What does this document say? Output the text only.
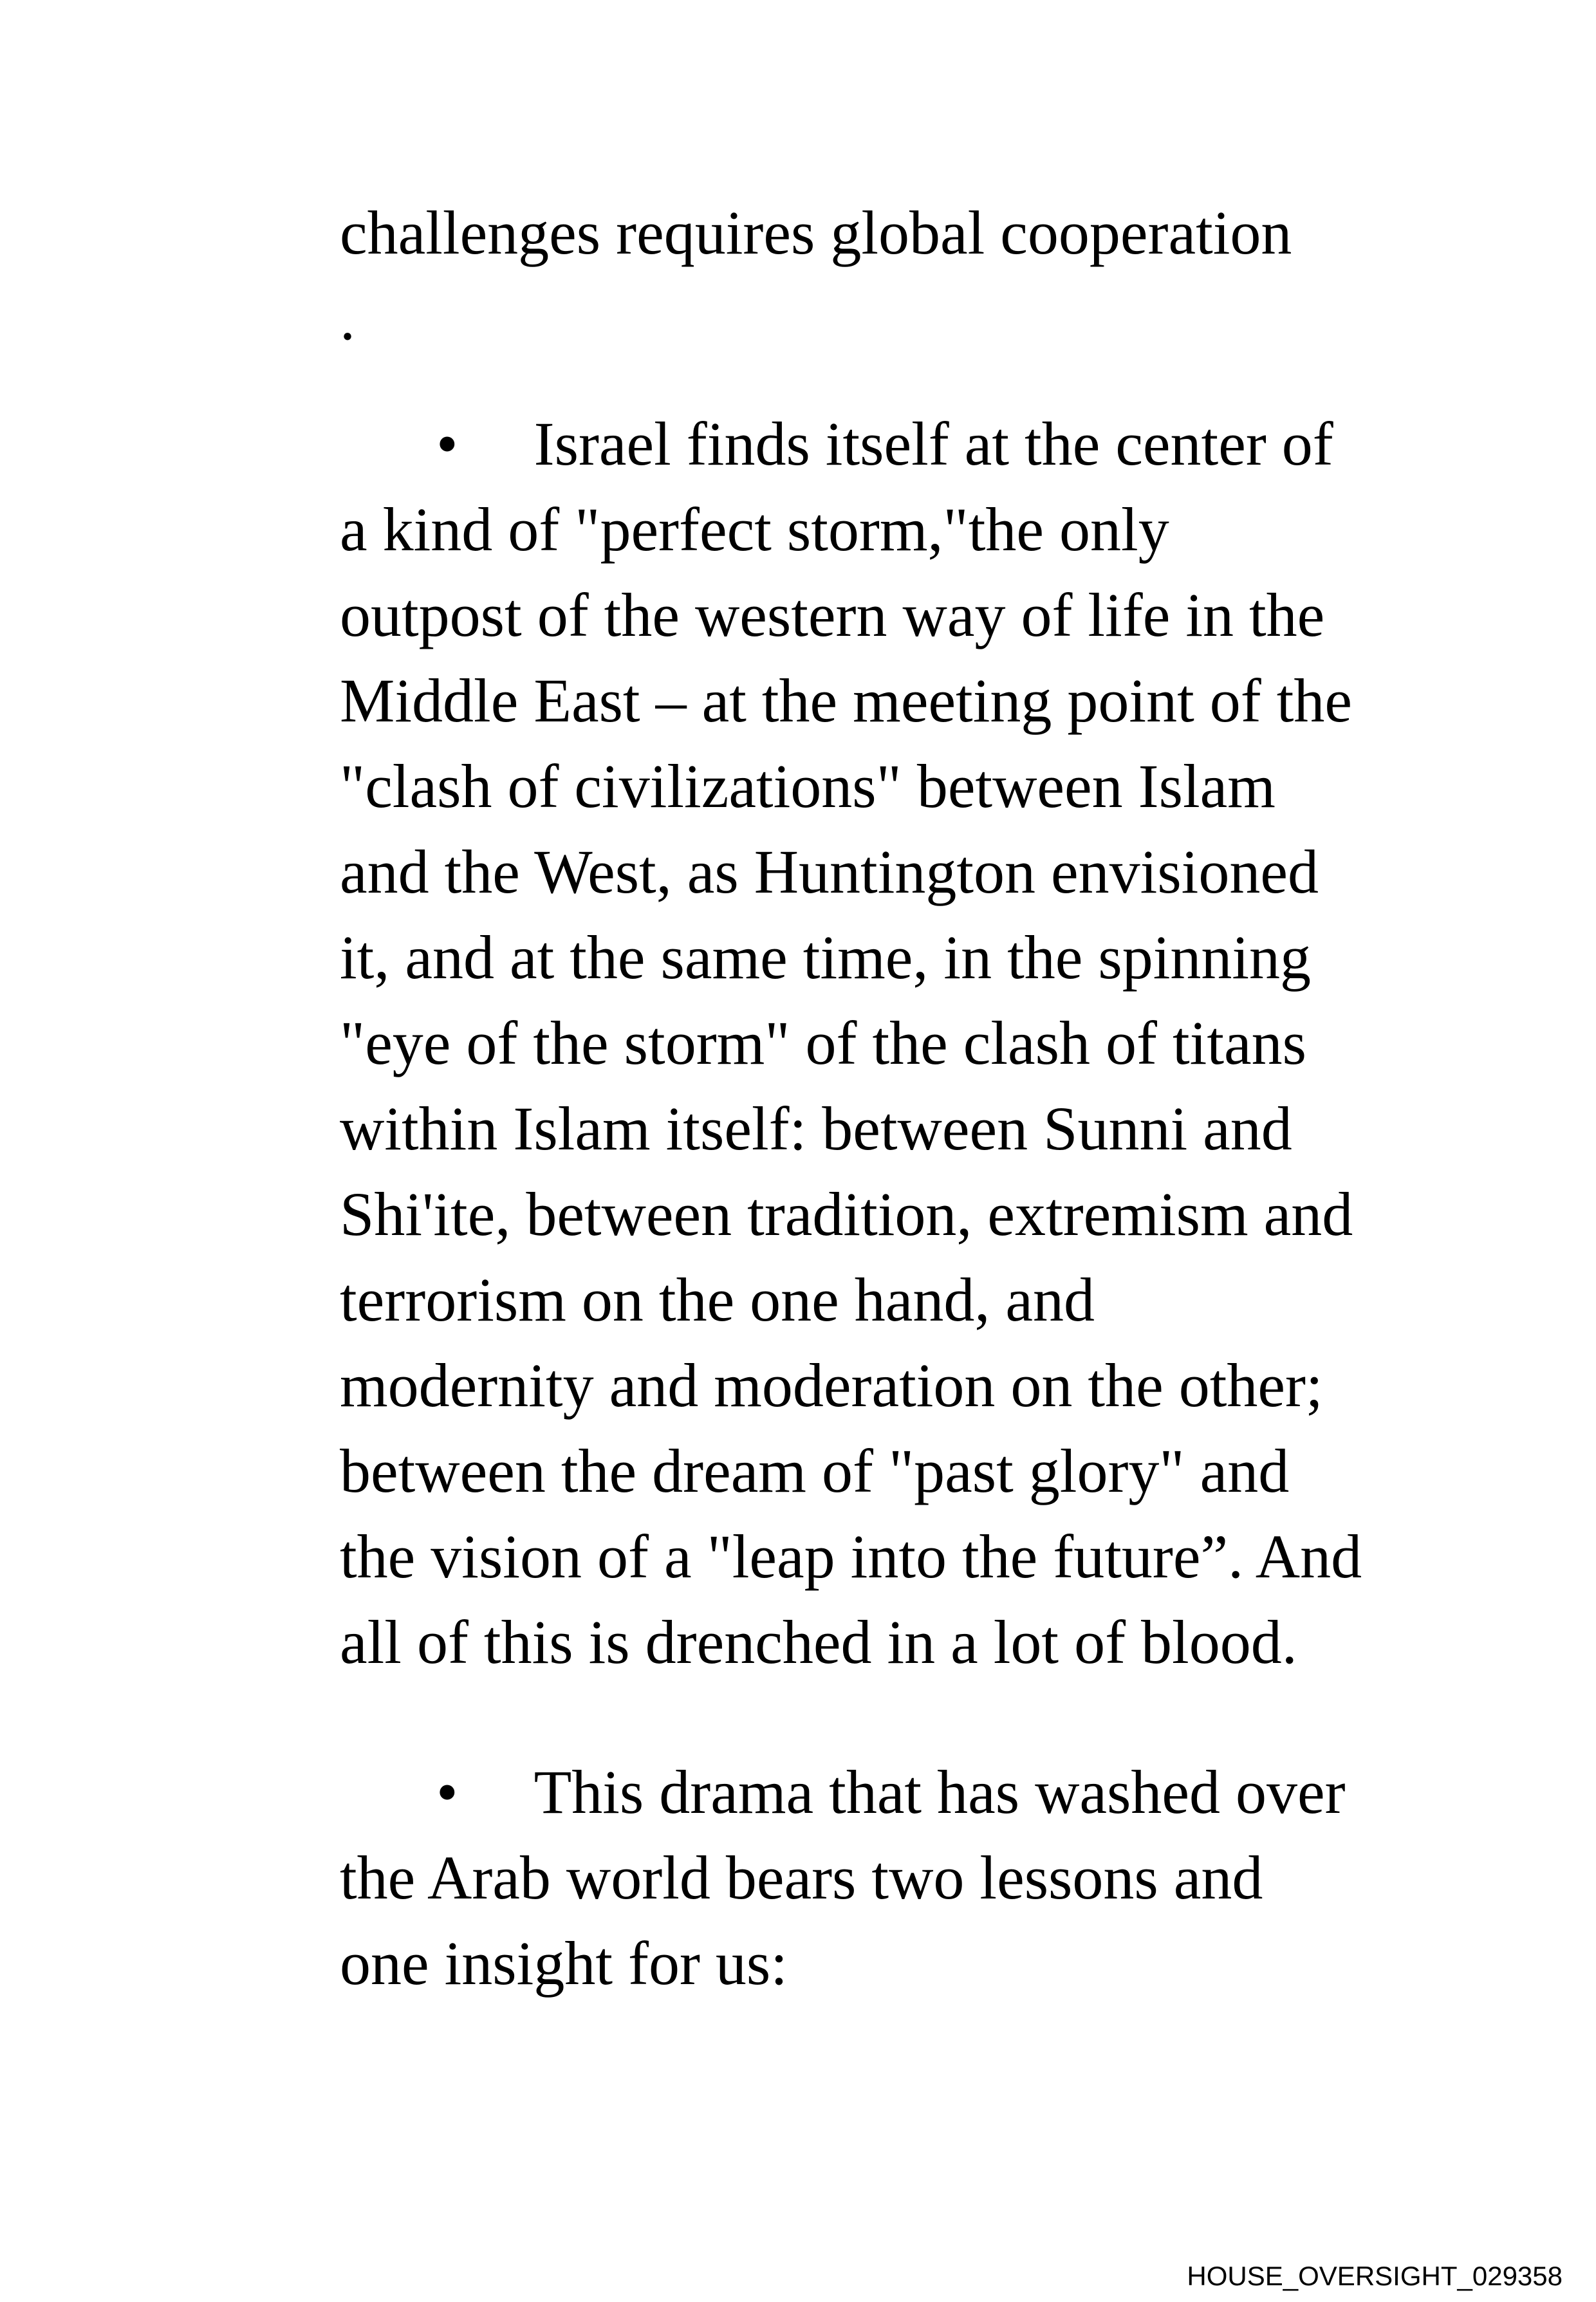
challenges requires global cooperation

.

• Israel finds itself at the center of a kind of "perfect storm,"the only outpost of the western way of life in the Middle East – at the meeting point of the "clash of civilizations" between Islam and the West, as Huntington envisioned it, and at the same time, in the spinning "eye of the storm" of the clash of titans within Islam itself: between Sunni and Shi'ite, between tradition, extremism and terrorism on the one hand, and modernity and moderation on the other; between the dream of "past glory" and the vision of a "leap into the future”. And all of this is drenched in a lot of blood.

• This drama that has washed over the Arab world bears two lessons and one insight for us:

HOUSE_OVERSIGHT_029358
